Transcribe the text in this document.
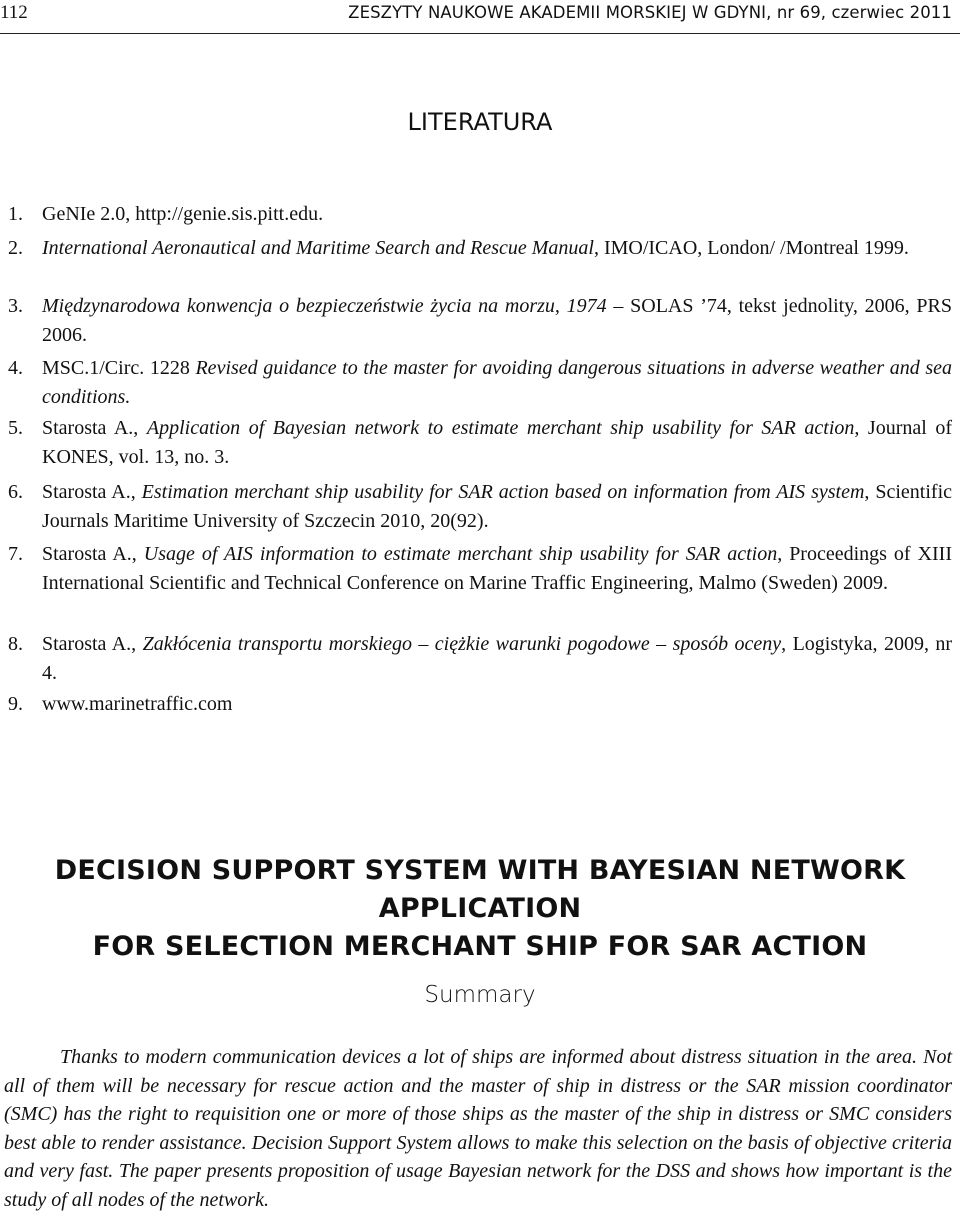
112	ZESZYTY NAUKOWE AKADEMII MORSKIEJ W GDYNI, nr 69, czerwiec 2011
LITERATURA
1. GeNIe 2.0, http://genie.sis.pitt.edu.
2. International Aeronautical and Maritime Search and Rescue Manual, IMO/ICAO, London/ /Montreal 1999.
3. Międzynarodowa konwencja o bezpieczeństwie życia na morzu, 1974 – SOLAS ’74, tekst jednolity, 2006, PRS 2006.
4. MSC.1/Circ. 1228 Revised guidance to the master for avoiding dangerous situations in adverse weather and sea conditions.
5. Starosta A., Application of Bayesian network to estimate merchant ship usability for SAR action, Journal of KONES, vol. 13, no. 3.
6. Starosta A., Estimation merchant ship usability for SAR action based on information from AIS system, Scientific Journals Maritime University of Szczecin 2010, 20(92).
7. Starosta A., Usage of AIS information to estimate merchant ship usability for SAR action, Proceedings of XIII International Scientific and Technical Conference on Marine Traffic Engineering, Malmo (Sweden) 2009.
8. Starosta A., Zakłócenia transportu morskiego – ciężkie warunki pogodowe – sposób oceny, Logistyka, 2009, nr 4.
9. www.marinetraffic.com
DECISION SUPPORT SYSTEM WITH BAYESIAN NETWORK APPLICATION
FOR SELECTION MERCHANT SHIP FOR SAR ACTION
Summary

Thanks to modern communication devices a lot of ships are informed about distress situation in the area. Not all of them will be necessary for rescue action and the master of ship in distress or the SAR mission coordinator (SMC) has the right to requisition one or more of those ships as the master of the ship in distress or SMC considers best able to render assistance. Decision Support System allows to make this selection on the basis of objective criteria and very fast. The paper presents proposition of usage Bayesian network for the DSS and shows how important is the study of all nodes of the network.
